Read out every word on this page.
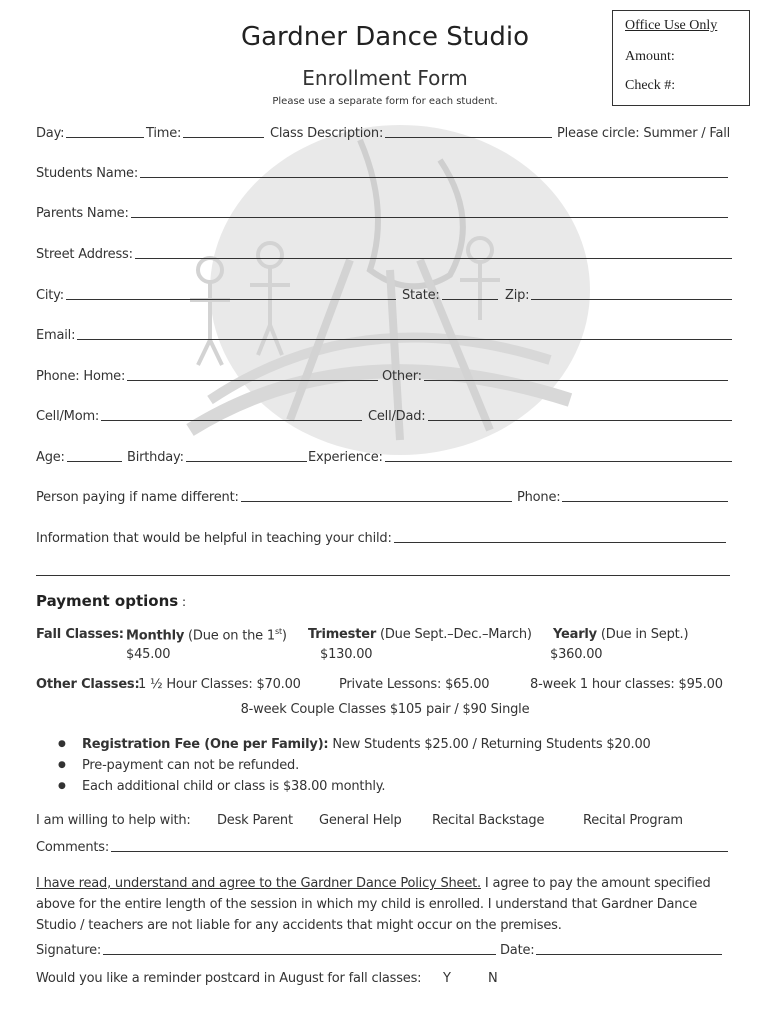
Office Use Only
Amount:
Check #:
Gardner Dance Studio
Enrollment Form
Please use a separate form for each student.
Day:	Time:	Class Description:	Please circle: Summer / Fall
Students Name:
Parents Name:
Street Address:
City:	State:	Zip:
Email:
Phone: Home:	Other:
Cell/Mom:	Cell/Dad:
Age:	Birthday:	Experience:
Person paying if name different:	Phone:
Information that would be helpful in teaching your child:
Payment options :
Fall Classes: Monthly (Due on the 1st)
$45.00
Trimester (Due Sept.–Dec.–March)
$130.00
Yearly (Due in Sept.)
$360.00
Other Classes:
1 ½ Hour Classes: $70.00	Private Lessons: $65.00	8-week 1 hour classes: $95.00
8-week Couple Classes $105 pair / $90 Single
● Registration Fee (One per Family): New Students $25.00 / Returning Students $20.00
● Pre-payment can not be refunded.
● Each additional child or class is $38.00 monthly.
I am willing to help with: Desk Parent General Help Recital Backstage	Recital Program
Comments:
I have read, understand and agree to the Gardner Dance Policy Sheet. I agree to pay the amount specified
above for the entire length of the session in which my child is enrolled. I understand that Gardner Dance
Studio / teachers are not liable for any accidents that might occur on the premises.
Signature:	Date:
Would you like a reminder postcard in August for fall classes: Y	N
